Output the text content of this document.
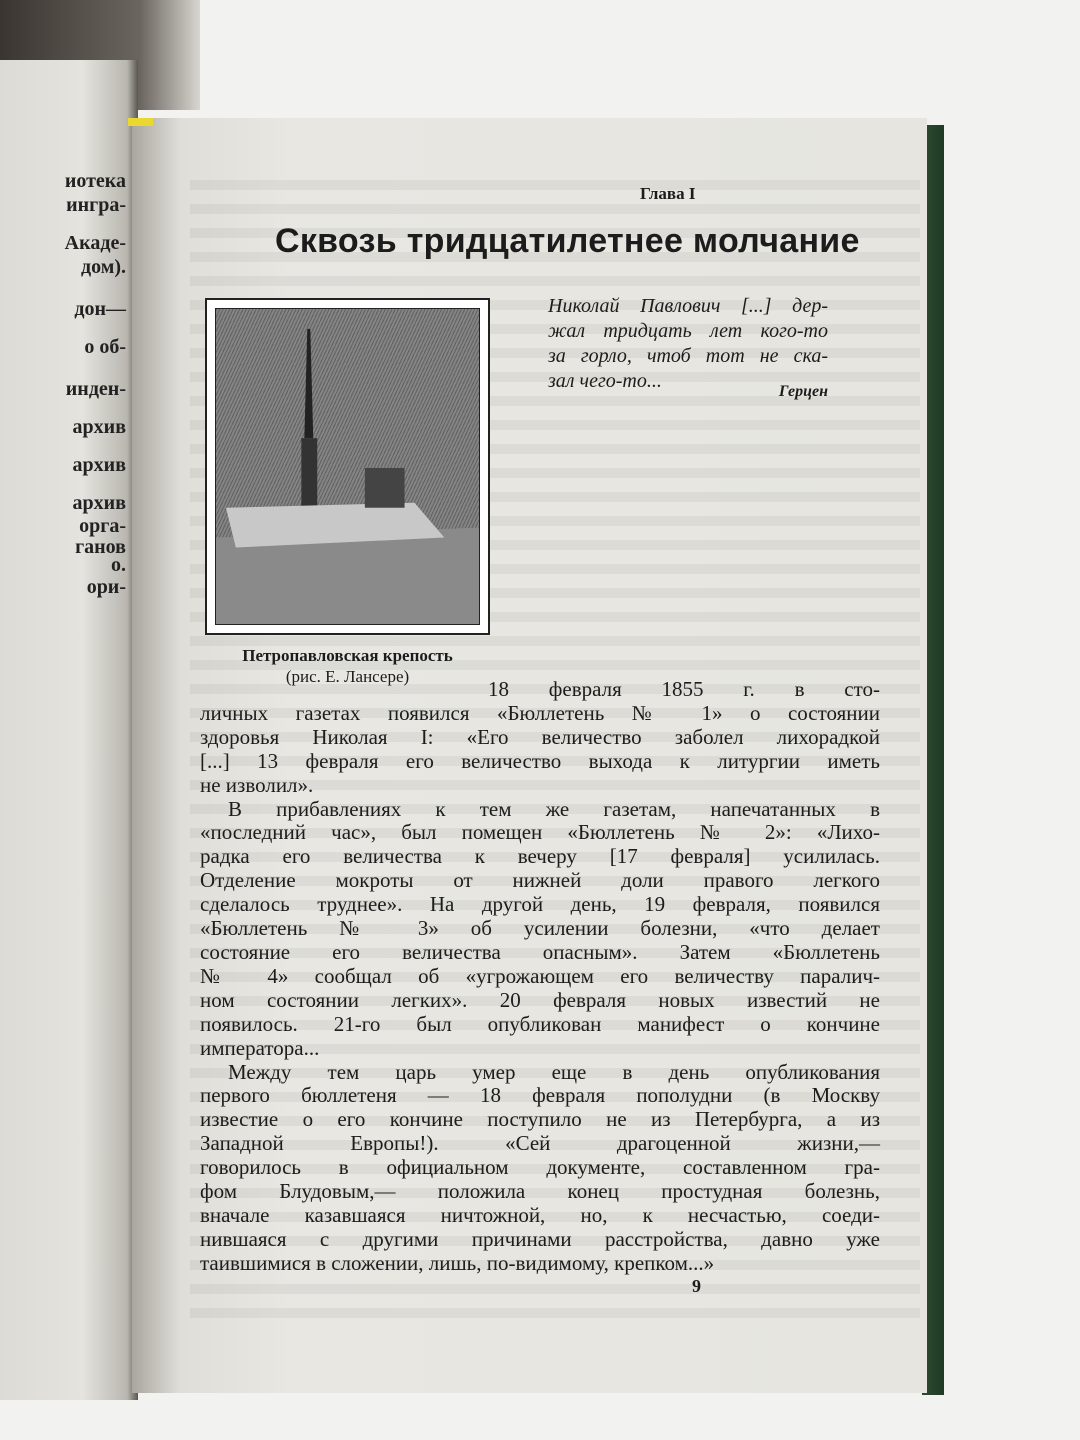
иотека
ингра-
Акаде-
дом).
дон—
о об-
инден-
архив
архив
архив
орга-
ганов
о.
ори-
Глава I
Сквозь тридцатилетнее молчание
Петропавловская крепость
(рис. Е. Лансере)
Николай Павлович [...] дер-
жал тридцать лет кого-то
за горло, чтоб тот не ска-
зал чего-то...	Герцен
18 февраля 1855 г. в сто-
личных газетах появился «Бюллетень № 1» о состоянии
здоровья Николая I: «Его величество заболел лихорадкой
[...] 13 февраля его величество выхода к литургии иметь
не изволил».
В прибавлениях к тем же газетам, напечатанных в
«последний час», был помещен «Бюллетень № 2»: «Лихо-
радка его величества к вечеру [17 февраля] усилилась.
Отделение мокроты от нижней доли правого легкого
сделалось труднее». На другой день, 19 февраля, появился
«Бюллетень № 3» об усилении болезни, «что делает
состояние его величества опасным». Затем «Бюллетень
№ 4» сообщал об «угрожающем его величеству паралич-
ном состоянии легких». 20 февраля новых известий не
появилось. 21-го был опубликован манифест о кончине
императора...
Между тем царь умер еще в день опубликования
первого бюллетеня — 18 февраля пополудни (в Москву
известие о его кончине поступило не из Петербурга, а из
Западной Европы!). «Сей драгоценной жизни,—
говорилось в официальном документе, составленном гра-
фом Блудовым,— положила конец простудная болезнь,
вначале казавшаяся ничтожной, но, к несчастью, соеди-
нившаяся с другими причинами расстройства, давно уже
таившимися в сложении, лишь, по-видимому, крепком...»
9
